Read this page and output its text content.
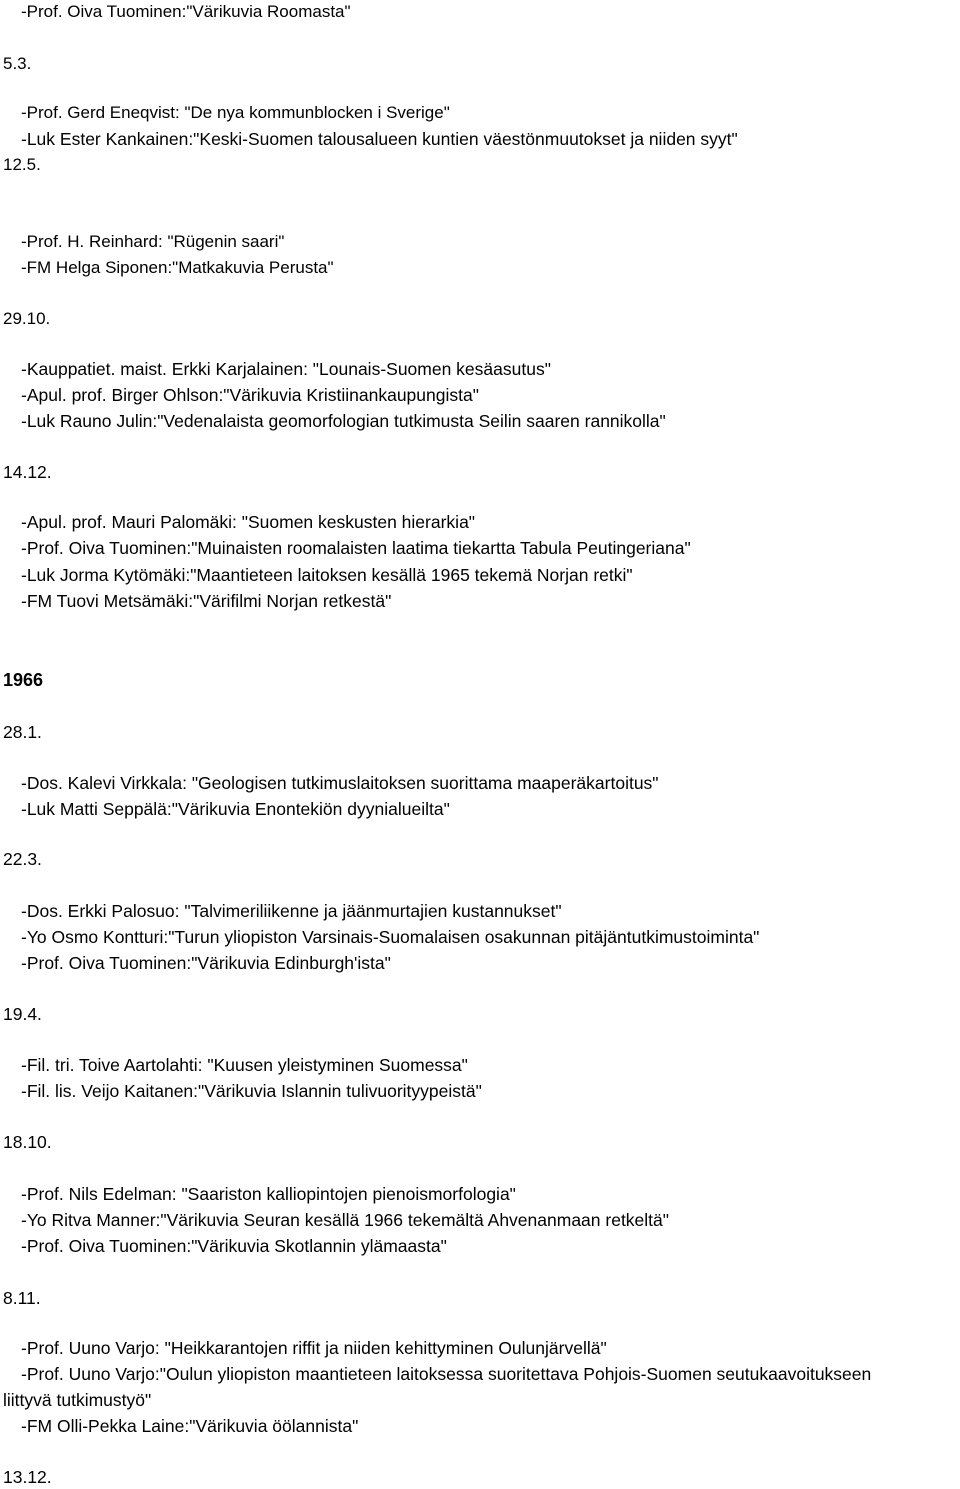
-Prof. Oiva Tuominen:"Värikuvia Roomasta"
5.3.
-Prof. Gerd Eneqvist: "De nya kommunblocken i Sverige"
-Luk Ester Kankainen:"Keski-Suomen talousalueen kuntien väestönmuutokset ja niiden syyt"
12.5.
-Prof. H. Reinhard: "Rügenin saari"
-FM Helga Siponen:"Matkakuvia Perusta"
29.10.
-Kauppatiet. maist. Erkki Karjalainen: "Lounais-Suomen kesäasutus"
-Apul. prof. Birger Ohlson:"Värikuvia Kristiinankaupungista"
-Luk Rauno Julin:"Vedenalaista geomorfologian tutkimusta Seilin saaren rannikolla"
14.12.
-Apul. prof. Mauri Palomäki: "Suomen keskusten hierarkia"
-Prof. Oiva Tuominen:"Muinaisten roomalaisten laatima tiekartta Tabula Peutingeriana"
-Luk Jorma Kytömäki:"Maantieteen laitoksen kesällä 1965 tekemä Norjan retki"
-FM Tuovi Metsämäki:"Värifilmi Norjan retkestä"
1966
28.1.
-Dos. Kalevi Virkkala: "Geologisen tutkimuslaitoksen suorittama maaperäkartoitus"
-Luk Matti Seppälä:"Värikuvia Enontekiön dyynialueilta"
22.3.
-Dos. Erkki Palosuo: "Talvimeriliikenne ja jäänmurtajien kustannukset"
-Yo Osmo Kontturi:"Turun yliopiston Varsinais-Suomalaisen osakunnan pitäjäntutkimustoiminta"
-Prof. Oiva Tuominen:"Värikuvia Edinburgh'ista"
19.4.
-Fil. tri. Toive Aartolahti: "Kuusen yleistyminen Suomessa"
-Fil. lis. Veijo Kaitanen:"Värikuvia Islannin tulivuorityypeistä"
18.10.
-Prof. Nils Edelman: "Saariston kalliopintojen pienoismorfologia"
-Yo Ritva Manner:"Värikuvia Seuran kesällä 1966 tekemältä Ahvenanmaan retkeltä"
-Prof. Oiva Tuominen:"Värikuvia Skotlannin ylämaasta"
8.11.
-Prof. Uuno Varjo: "Heikkarantojen riffit ja niiden kehittyminen Oulunjärvellä"
-Prof. Uuno Varjo:"Oulun yliopiston maantieteen laitoksessa suoritettava Pohjois-Suomen seutukaavoitukseen
liittyvä tutkimustyö"
-FM Olli-Pekka Laine:"Värikuvia öölannista"
13.12.
